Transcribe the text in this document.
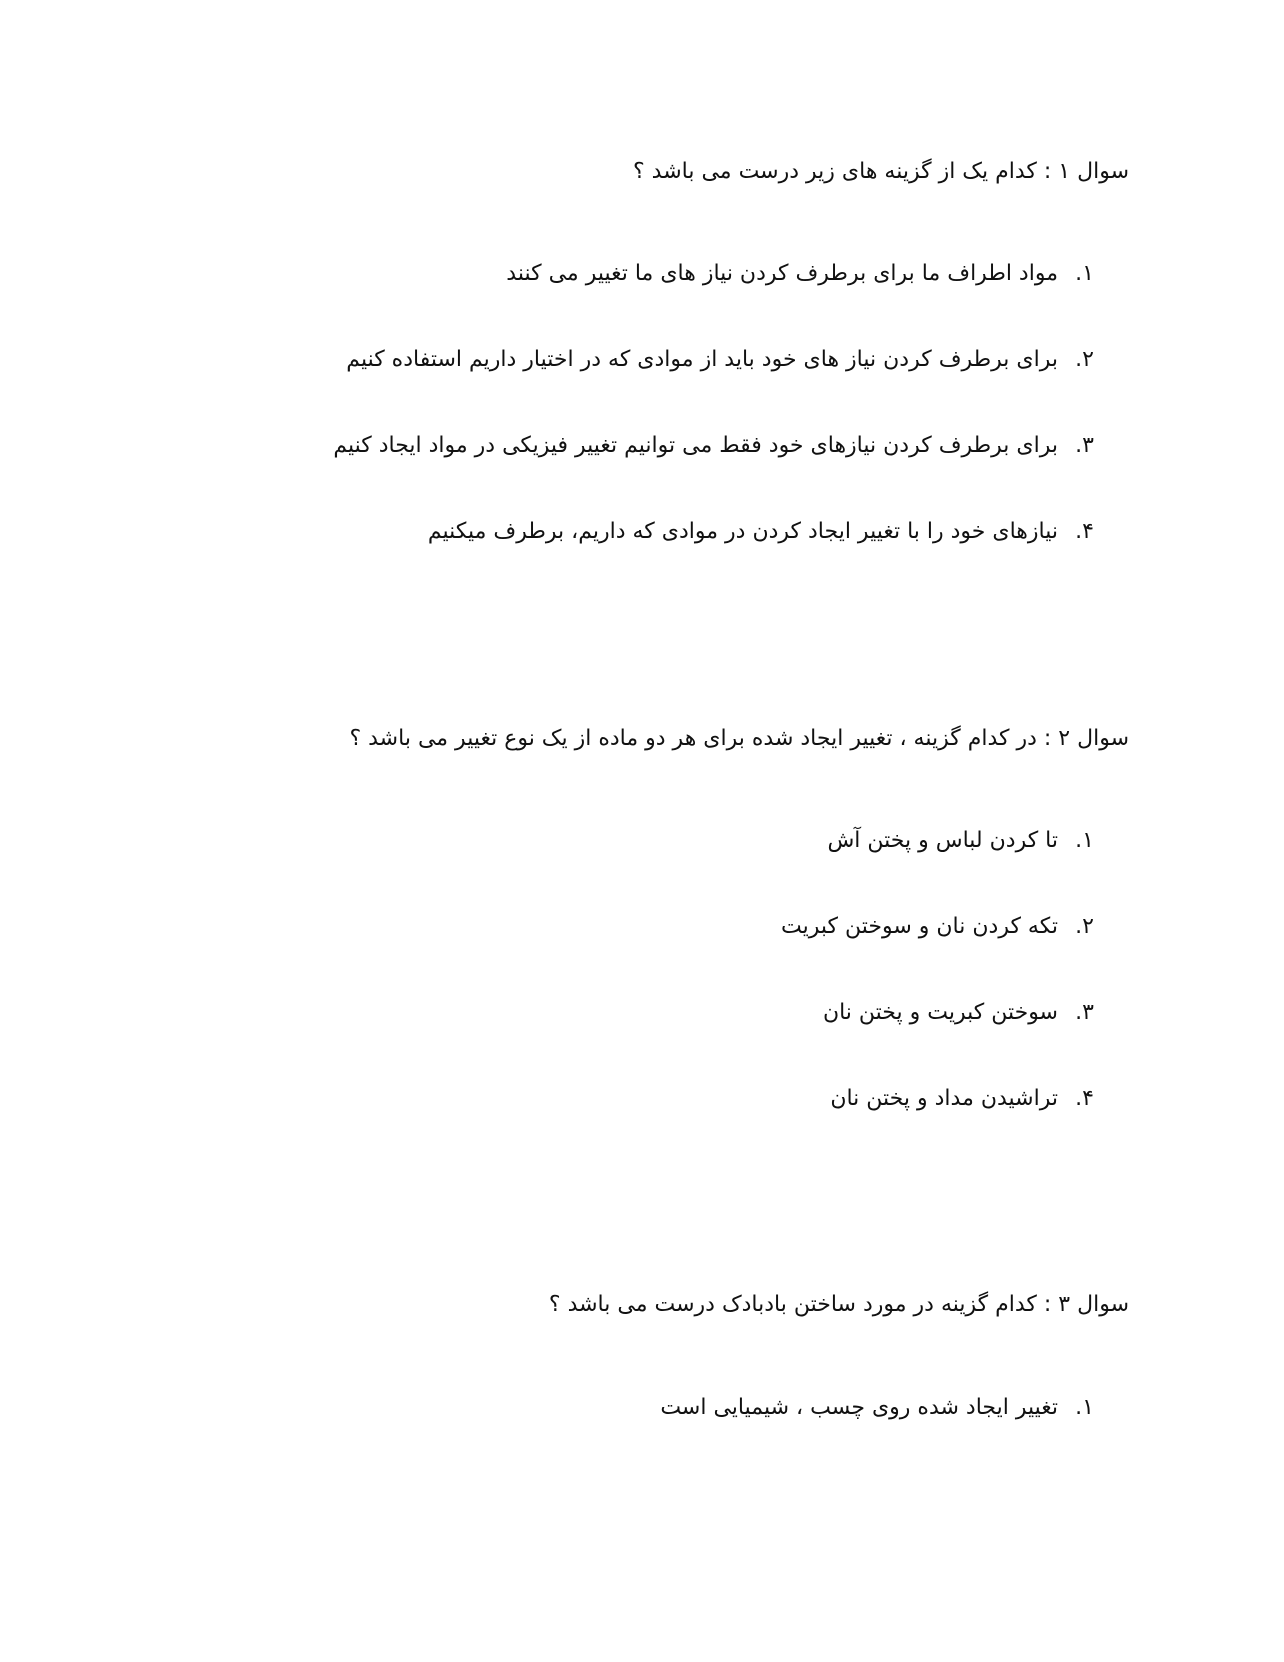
سوال ۱ : کدام یک از گزینه های زیر درست می باشد ؟
۱.مواد اطراف ما برای برطرف کردن نیاز های ما تغییر می کنند
۲.برای برطرف کردن نیاز های خود باید از موادی که در اختیار داریم استفاده کنیم
۳.برای برطرف کردن نیازهای خود فقط می توانیم تغییر فیزیکی در مواد ایجاد کنیم
۴.نیازهای خود را با تغییر ایجاد کردن در موادی که داریم، برطرف میکنیم
سوال ۲ : در کدام گزینه ، تغییر ایجاد شده برای هر دو ماده از یک نوع تغییر می باشد ؟
۱.تا کردن لباس و پختن آش
۲.تکه کردن نان و سوختن کبریت
۳.سوختن کبریت و پختن نان
۴.تراشیدن مداد و پختن نان
سوال ۳ : کدام گزینه در مورد ساختن بادبادک درست می باشد ؟
۱.تغییر ایجاد شده روی چسب ، شیمیایی است
